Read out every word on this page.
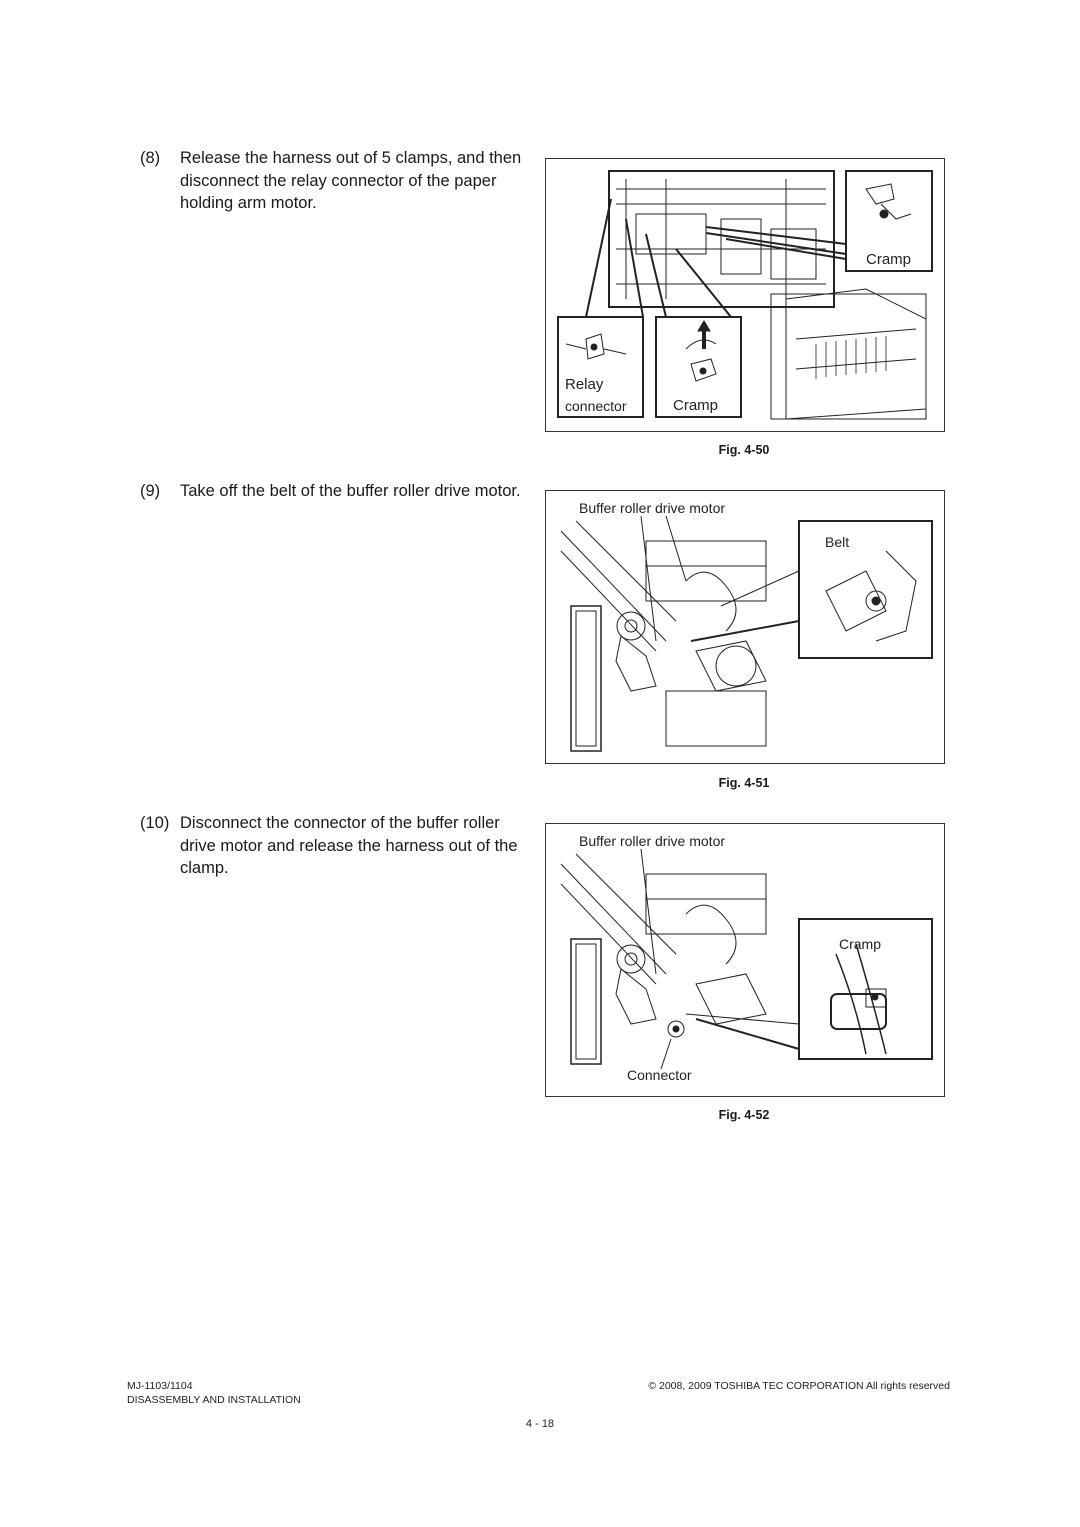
(8) Release the harness out of 5 clamps, and then disconnect the relay connector of the paper holding arm motor.
Cramp
Relay
connector	Cramp
Fig. 4-50
(9) Take off the belt of the buffer roller drive motor.
Buffer roller drive motor
Belt
Fig. 4-51
(10) Disconnect the connector of the buffer roller drive motor and release the harness out of the clamp.
Buffer roller drive motor
Cramp
Connector
Fig. 4-52
MJ-1103/1104
DISASSEMBLY AND INSTALLATION
© 2008, 2009 TOSHIBA TEC CORPORATION All rights reserved
4 - 18
